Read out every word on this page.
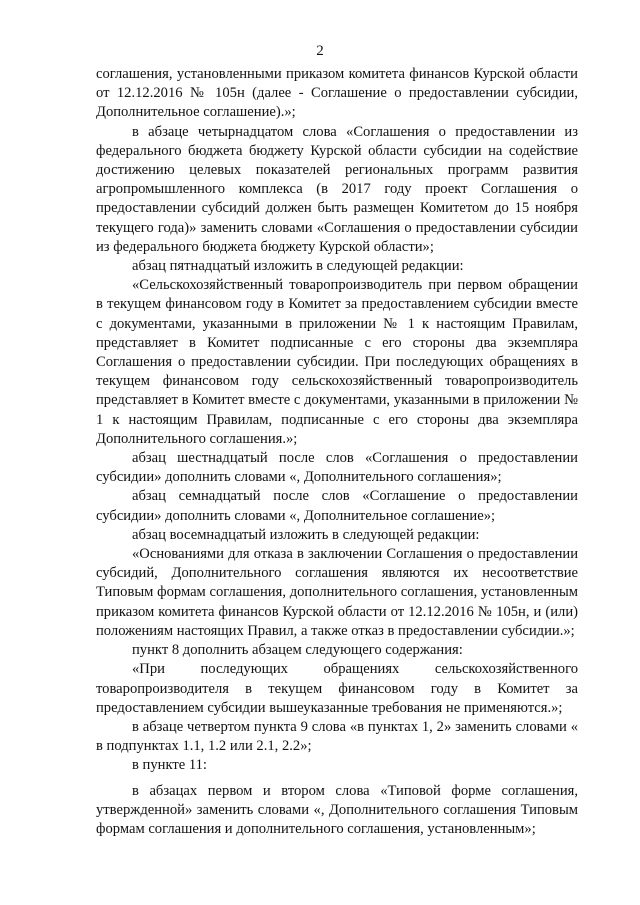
2

соглашения, установленными приказом комитета финансов Курской области от 12.12.2016 № 105н (далее - Соглашение о предоставлении субсидии, Дополнительное соглашение).»;

в абзаце четырнадцатом слова «Соглашения о предоставлении из федерального бюджета бюджету Курской области субсидии на содействие достижению целевых показателей региональных программ развития агропромышленного комплекса (в 2017 году проект Соглашения о предоставлении субсидий должен быть размещен Комитетом до 15 ноября текущего года)» заменить словами «Соглашения о предоставлении субсидии из федерального бюджета бюджету Курской области»;

абзац пятнадцатый изложить в следующей редакции:

«Сельскохозяйственный товаропроизводитель при первом обращении в текущем финансовом году в Комитет за предоставлением субсидии вместе с документами, указанными в приложении № 1 к настоящим Правилам, представляет в Комитет подписанные с его стороны два экземпляра Соглашения о предоставлении субсидии. При последующих обращениях в текущем финансовом году сельскохозяйственный товаропроизводитель представляет в Комитет вместе с документами, указанными в приложении № 1 к настоящим Правилам, подписанные с его стороны два экземпляра Дополнительного соглашения.»;

абзац шестнадцатый после слов «Соглашения о предоставлении субсидии» дополнить словами «, Дополнительного соглашения»;

абзац семнадцатый после слов «Соглашение о предоставлении субсидии» дополнить словами «, Дополнительное соглашение»;

абзац восемнадцатый изложить в следующей редакции:

«Основаниями для отказа в заключении Соглашения о предоставлении субсидий, Дополнительного соглашения являются их несоответствие Типовым формам соглашения, дополнительного соглашения, установленным приказом комитета финансов Курской области от 12.12.2016 № 105н, и (или) положениям настоящих Правил, а также отказ в предоставлении субсидии.»;

пункт 8 дополнить абзацем следующего содержания:

«При последующих обращениях сельскохозяйственного товаропроизводителя в текущем финансовом году в Комитет за предоставлением субсидии вышеуказанные требования не применяются.»;

в абзаце четвертом пункта 9 слова «в пунктах 1, 2» заменить словами « в подпунктах 1.1, 1.2 или 2.1, 2.2»;

в пункте 11:

в абзацах первом и втором слова «Типовой форме соглашения, утвержденной» заменить словами «, Дополнительного соглашения Типовым формам соглашения и дополнительного соглашения, установленным»;
